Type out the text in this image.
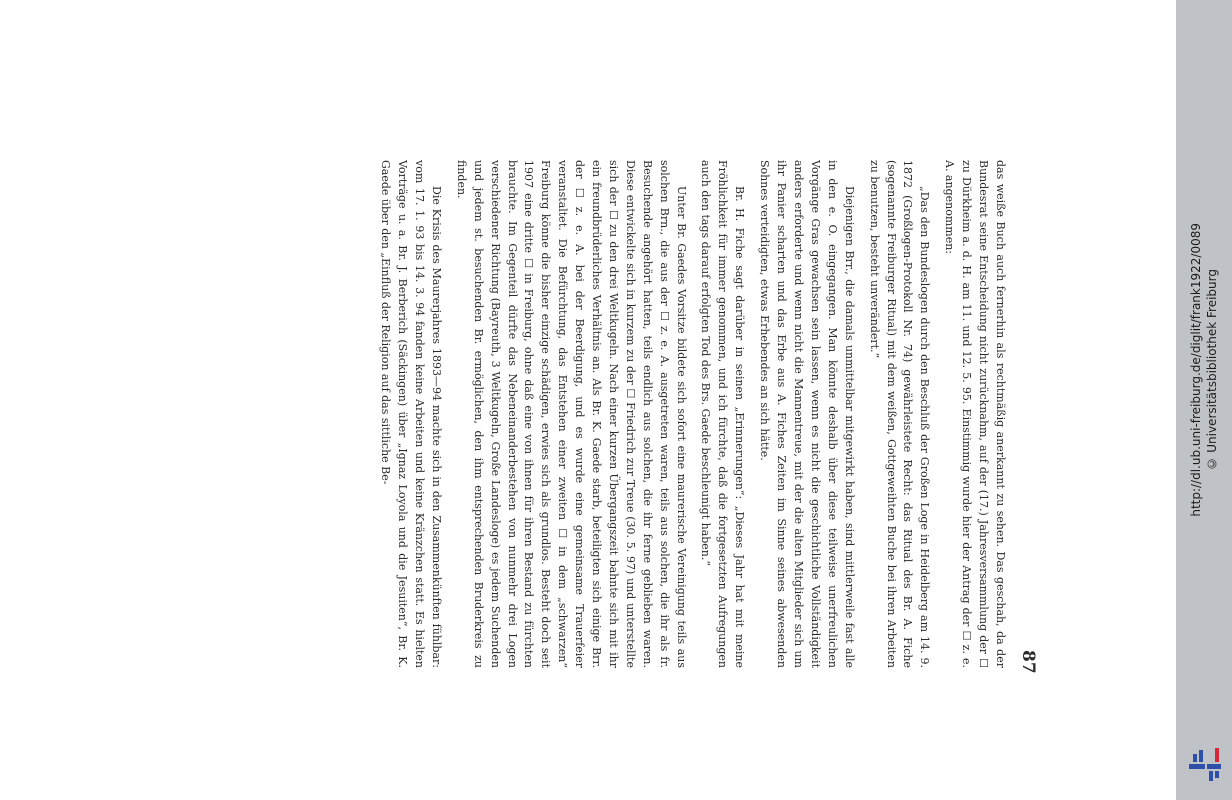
87

das weiße Buch auch fernerhin als rechtmäßig anerkannt zu sehen. Das geschah, da der Bundesrat seine Entscheidung nicht zurücknahm, auf der (17.) Jahresversammlung der ☐ zu Dürkheim a. d. H. am 11. und 12. 5. 95. Einstimmig wurde hier der Antrag der ☐ z. e. A. angenommen:

„Das den Bundeslogen durch den Beschluß der Großen Loge in Heidelberg am 14. 9. 1872 (Großlogen-Protokoll Nr. 74) gewährleistete Recht: das Ritual des Br. A. Fiche (sogenannte Freiburger Ritual) mit dem weißen, Gottgeweihten Buche bei ihren Arbeiten zu benutzen, besteht unverändert.“

Diejenigen Brr., die damals unmittelbar mitgewirkt haben, sind mittlerweile fast alle in den e. O. eingegangen. Man könnte deshalb über diese teilweise unerfreulichen Vorgänge Gras gewachsen sein lassen, wenn es nicht die geschichtliche Vollständigkeit anders erforderte und wenn nicht die Mannentreue, mit der die alten Mitglieder sich um ihr Panier scharten und das Erbe aus A. Fiches Zeiten im Sinne seines abwesenden Sohnes verteidigten, etwas Erhebendes an sich hätte.

Br. H. Fiche sagt darüber in seinen „Erinnerungen“: „Dieses Jahr hat mit meine Fröhlichkeit für immer genommen, und ich fürchte, daß die fortgesetzten Aufregungen auch den tags darauf erfolgten Tod des Brs. Gaede beschleunigt haben.“

Unter Br. Gaedes Vorsitze bildete sich sofort eine maurerische Vereinigung teils aus solchen Brn., die aus der ☐ z. e. A. ausgetreten waren, teils aus solchen, die ihr als fr. Besuchende angehört hatten, teils endlich aus solchen, die ihr ferne geblieben waren. Diese entwickelte sich in kurzem zu der ☐ Friedrich zur Treue (30. 5. 97) und unterstellte sich der ☐ zu den drei Weltkugeln. Nach einer kurzen Übergangszeit bahnte sich mit ihr ein freundbrüderliches Verhältnis an. Als Br. K. Gaede starb, beteiligten sich einige Brr. der ☐ z. e. A. bei der Beerdigung, und es wurde eine gemeinsame Trauerfeier veranstaltet. Die Befürchtung, das Entstehen einer zweiten ☐ in dem „schwarzen“ Freiburg könne die bisher einzige schädigen, erwies sich als grundlos. Besteht doch seit 1907 eine dritte ☐ in Freiburg, ohne daß eine von ihnen für ihren Bestand zu fürchten brauchte. Im Gegenteil dürfte das Nebeneinanderbestehen von nunmehr drei Logen verschiedener Richtung (Bayreuth, 3 Weltkugeln, Große Landesloge) es jedem Suchenden und jedem st. besuchenden Br. ermöglichen, den ihm entsprechenden Bruderkreis zu finden.

Die Krisis des Maurerjahres 1893—94 machte sich in den Zusammenkünften fühlbar: vom 17. 1. 93 bis 14. 3. 94 fanden keine Arbeiten und keine Kränzchen statt. Es hielten Vorträge u. a. Br. J. Berberich (Säckingen) über „Ignaz Loyola und die Jesuiten“, Br. K. Gaede über den „Einfluß der Religion auf das sittliche Be-	http://dl.ub.uni-freiburg.de/diglit/frank1922/0089 © Universitätsbibliothek Freiburg
